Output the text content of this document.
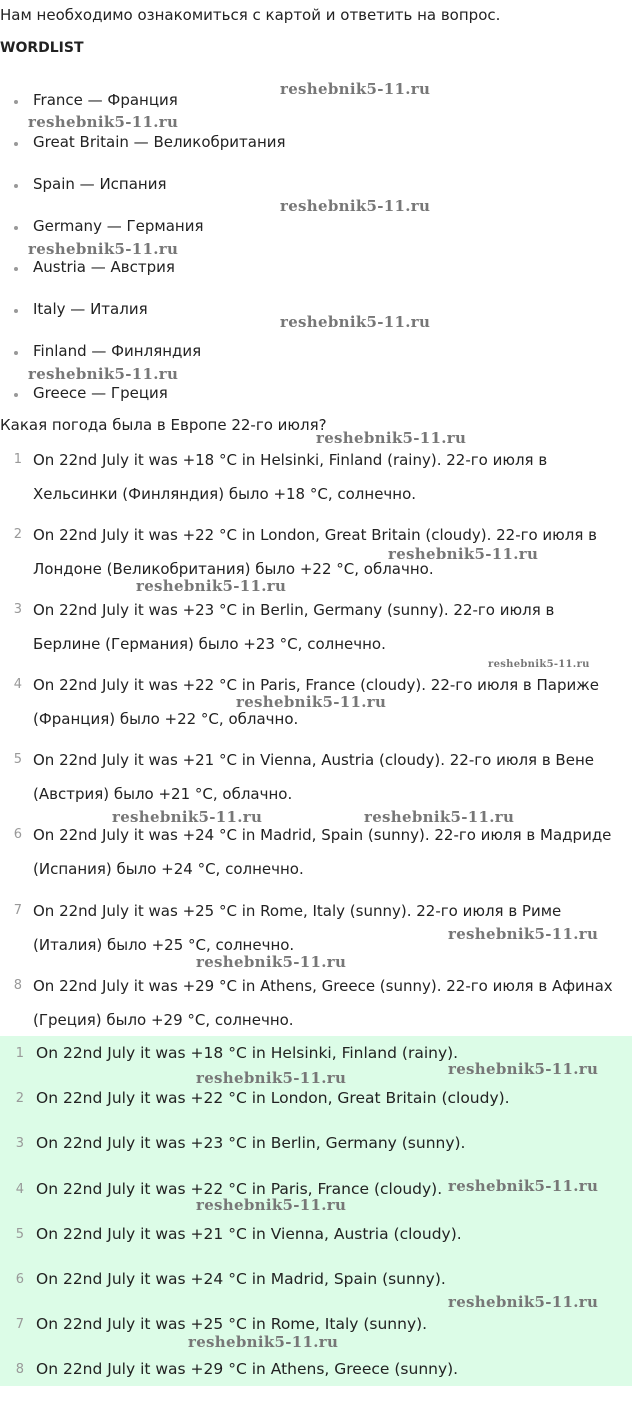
Нам необходимо ознакомиться с картой и ответить на вопрос.
WORDLIST
France — Франция
Great Britain — Великобритания
Spain — Испания
Germany — Германия
Austria — Австрия
Italy — Италия
Finland — Финляндия
Greece — Греция
Какая погода была в Европе 22-го июля?
1 On 22nd July it was +18 °C in Helsinki, Finland (rainy). 22-го июля в Хельсинки (Финляндия) было +18 °C, солнечно.
2 On 22nd July it was +22 °C in London, Great Britain (cloudy). 22-го июля в Лондоне (Великобритания) было +22 °C, облачно.
3 On 22nd July it was +23 °C in Berlin, Germany (sunny). 22-го июля в Берлине (Германия) было +23 °C, солнечно.
4 On 22nd July it was +22 °C in Paris, France (cloudy). 22-го июля в Париже (Франция) было +22 °C, облачно.
5 On 22nd July it was +21 °C in Vienna, Austria (cloudy). 22-го июля в Вене (Австрия) было +21 °C, облачно.
6 On 22nd July it was +24 °C in Madrid, Spain (sunny). 22-го июля в Мадриде (Испания) было +24 °C, солнечно.
7 On 22nd July it was +25 °C in Rome, Italy (sunny). 22-го июля в Риме (Италия) было +25 °C, солнечно.
8 On 22nd July it was +29 °C in Athens, Greece (sunny). 22-го июля в Афинах (Греция) было +29 °C, солнечно.
1 On 22nd July it was +18 °C in Helsinki, Finland (rainy).
2 On 22nd July it was +22 °C in London, Great Britain (cloudy).
3 On 22nd July it was +23 °C in Berlin, Germany (sunny).
4 On 22nd July it was +22 °C in Paris, France (cloudy).
5 On 22nd July it was +21 °C in Vienna, Austria (cloudy).
6 On 22nd July it was +24 °C in Madrid, Spain (sunny).
7 On 22nd July it was +25 °C in Rome, Italy (sunny).
8 On 22nd July it was +29 °C in Athens, Greece (sunny).
reshebnik5-11.ru
reshebnik5-11.ru
reshebnik5-11.ru
reshebnik5-11.ru
reshebnik5-11.ru
reshebnik5-11.ru
reshebnik5-11.ru
reshebnik5-11.ru
reshebnik5-11.ru
reshebnik5-11.ru
reshebnik5-11.ru
reshebnik5-11.ru	reshebnik5-11.ru
reshebnik5-11.ru
reshebnik5-11.ru
reshebnik5-11.ru
reshebnik5-11.ru
reshebnik5-11.ru
reshebnik5-11.ru
reshebnik5-11.ru
reshebnik5-11.ru
